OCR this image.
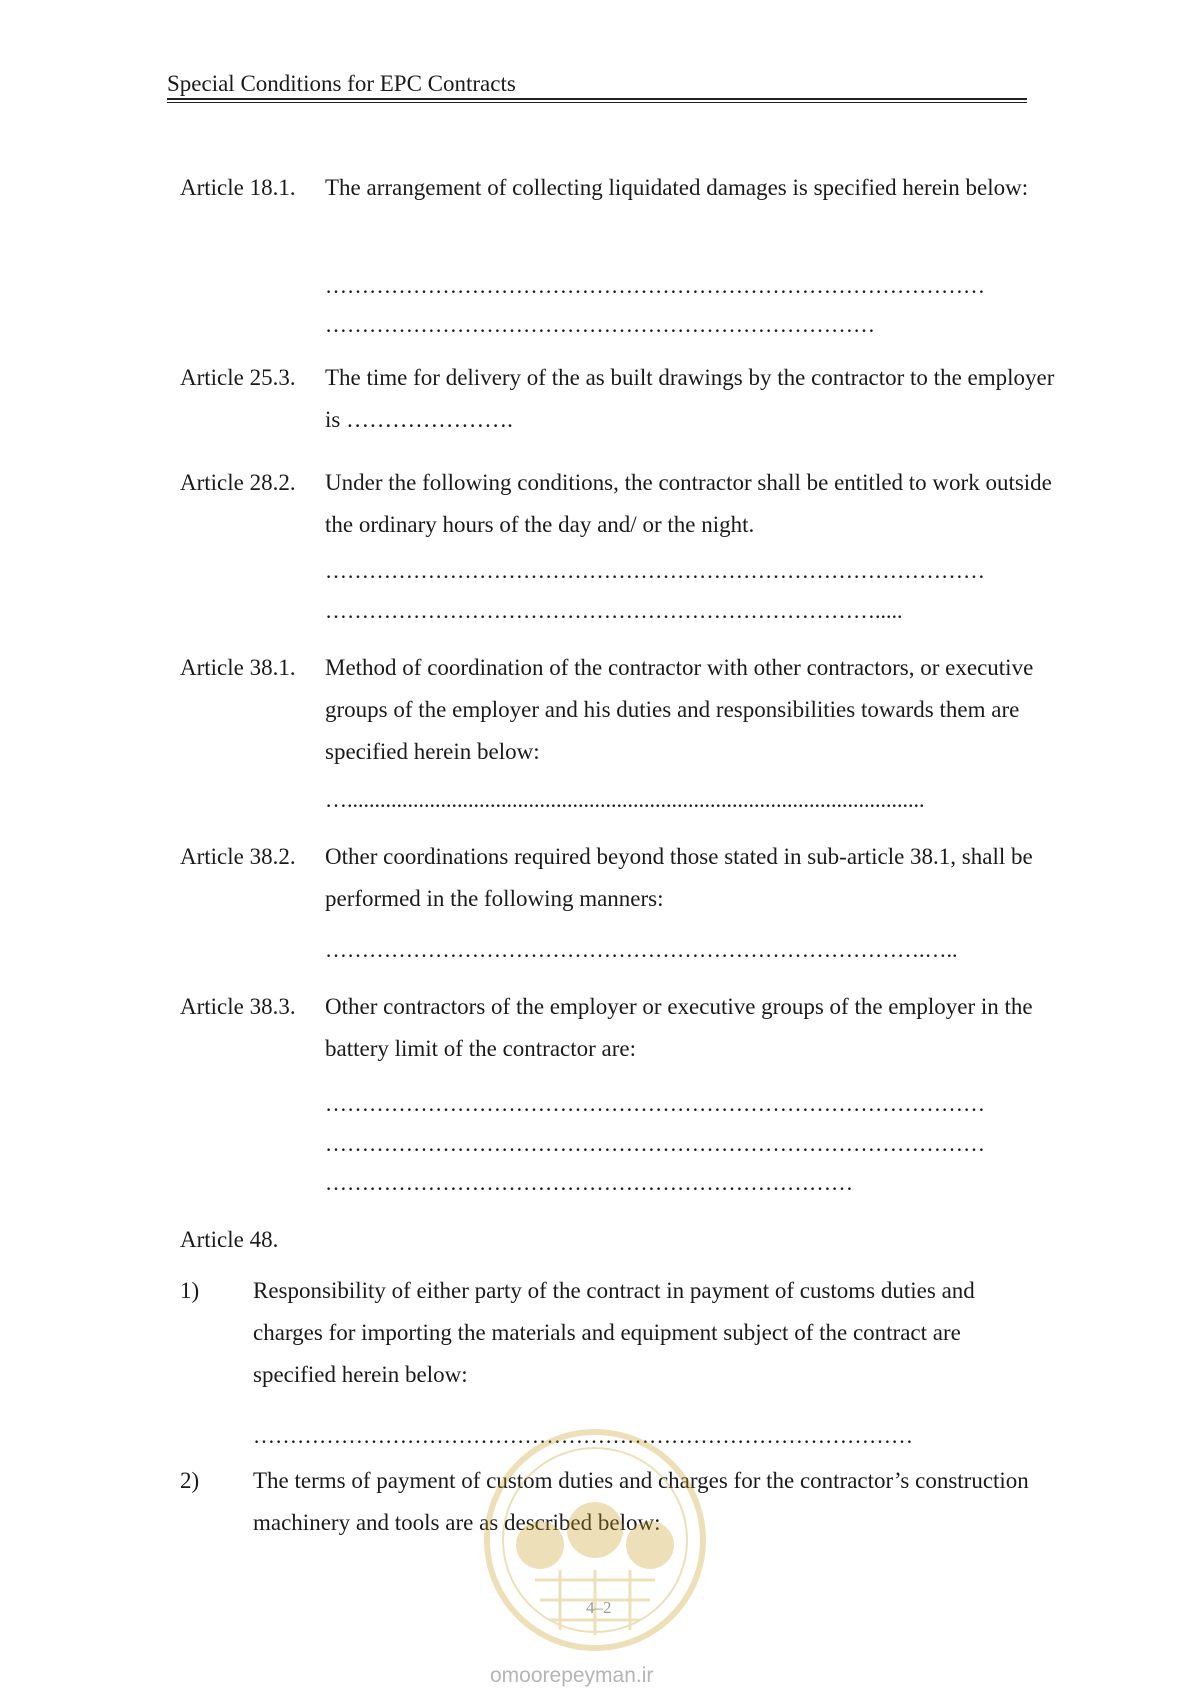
Special Conditions for EPC Contracts
Article 18.1. The arrangement of collecting liquidated damages is specified herein below:
………………………………………………………………………………
…………………………………………………………………
Article 25.3. The time for delivery of the as built drawings by the contractor to the employer is ………………….
Article 28.2. Under the following conditions, the contractor shall be entitled to work outside the ordinary hours of the day and/ or the night.
………………………………………………………………………………
………………………………………………………………….....
Article 38.1. Method of coordination of the contractor with other contractors, or executive groups of the employer and his duties and responsibilities towards them are specified herein below:
….........................................................................................................
Article 38.2. Other coordinations required beyond those stated in sub-article 38.1, shall be performed in the following manners:
……………………………………………………………………….…..
Article 38.3. Other contractors of the employer or executive groups of the employer in the battery limit of the contractor are:
………………………………………………………………………………
………………………………………………………………………………
………………………………………………………………
Article 48.
1) Responsibility of either party of the contract in payment of customs duties and charges for importing the materials and equipment subject of the contract are specified herein below:
………………………………………………………………………………
2) The terms of payment of custom duties and charges for the contractor’s construction machinery and tools are as described below:
4–2
omoorepeyman.ir
